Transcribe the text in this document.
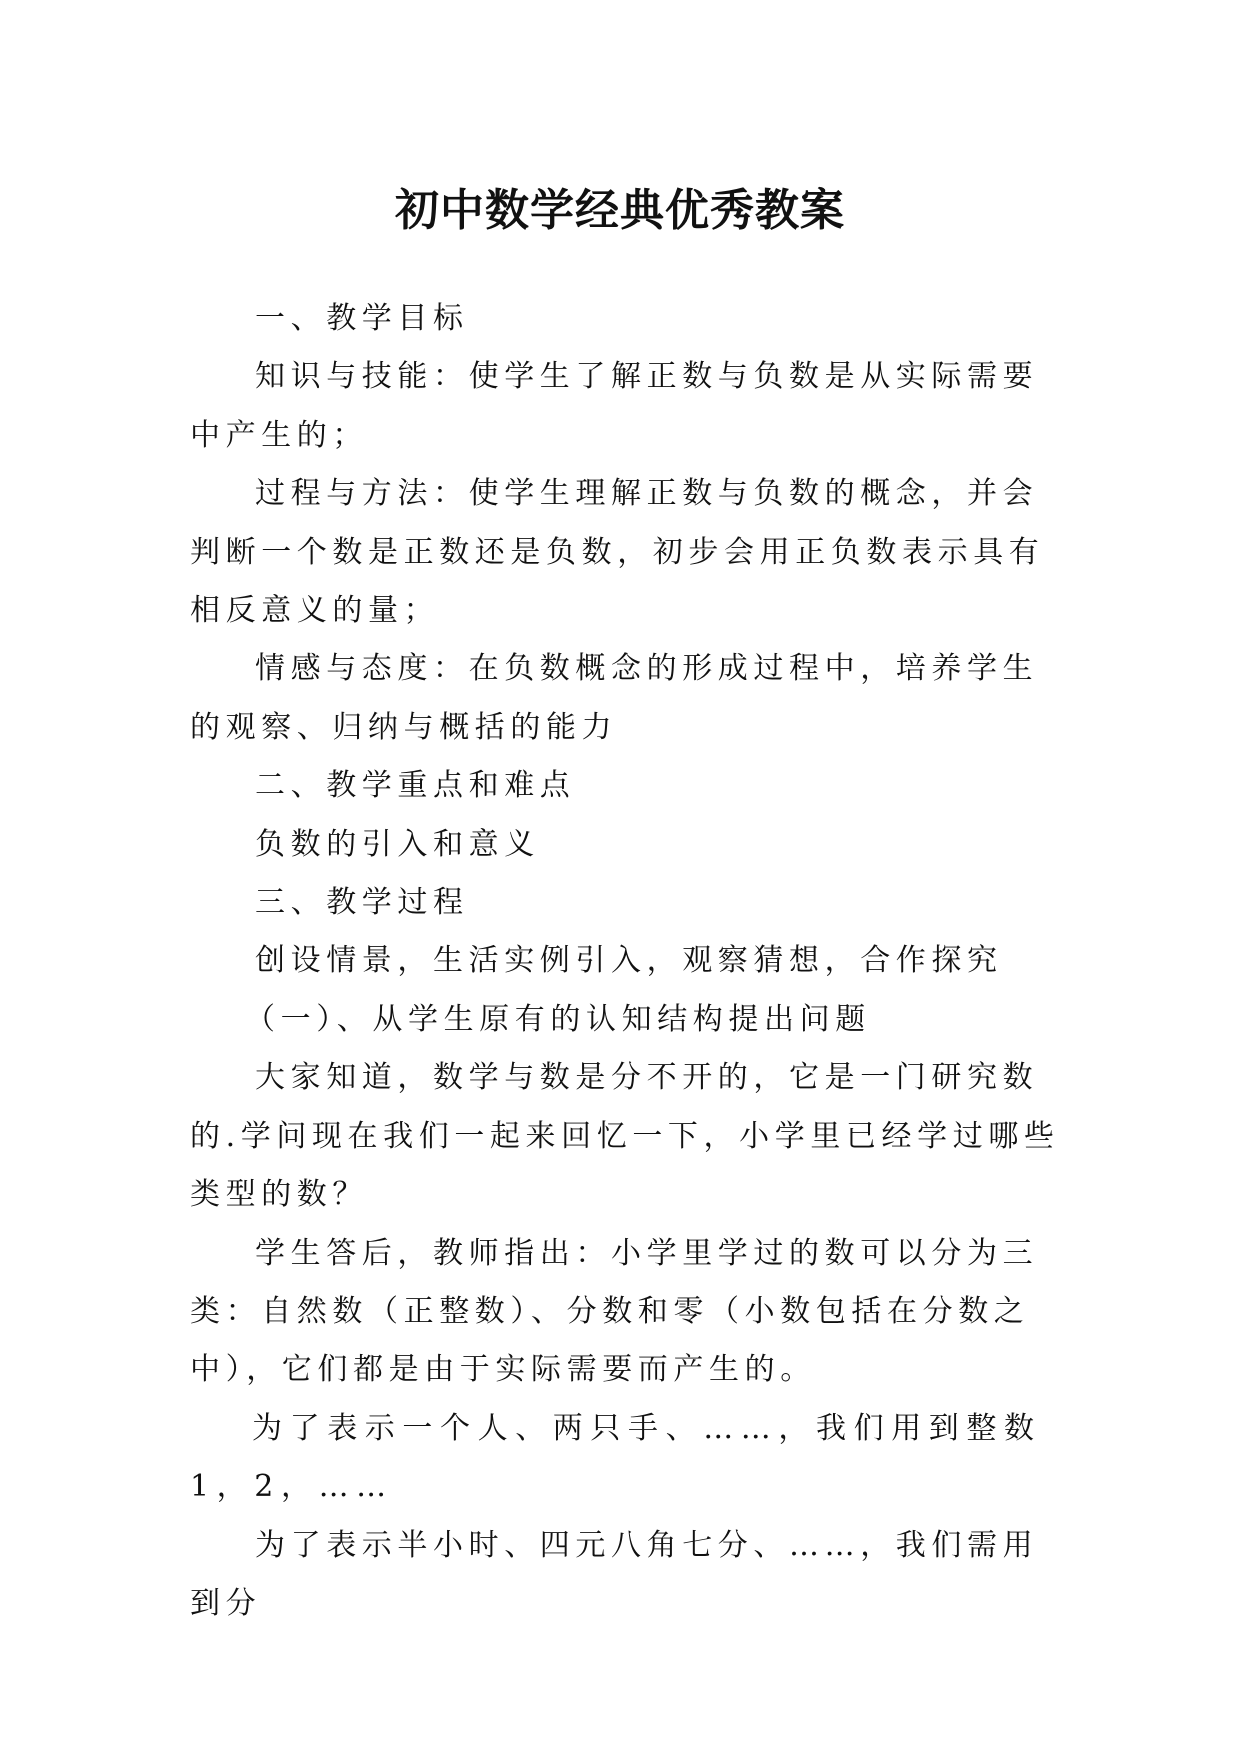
初中数学经典优秀教案

一、教学目标

知识与技能：使学生了解正数与负数是从实际需要中产生的；

过程与方法：使学生理解正数与负数的概念，并会判断一个数是正数还是负数，初步会用正负数表示具有相反意义的量；

情感与态度：在负数概念的形成过程中，培养学生的观察、归纳与概括的能力

二、教学重点和难点

负数的引入和意义

三、教学过程

创设情景，生活实例引入，观察猜想，合作探究

（一）、从学生原有的认知结构提出问题

大家知道，数学与数是分不开的，它是一门研究数的.学问现在我们一起来回忆一下，小学里已经学过哪些类型的数？

学生答后，教师指出：小学里学过的数可以分为三类：自然数（正整数）、分数和零（小数包括在分数之中），它们都是由于实际需要而产生的。

为了表示一个人、两只手、……，我们用到整数1，2，……

为了表示半小时、四元八角七分、……，我们需用到分
